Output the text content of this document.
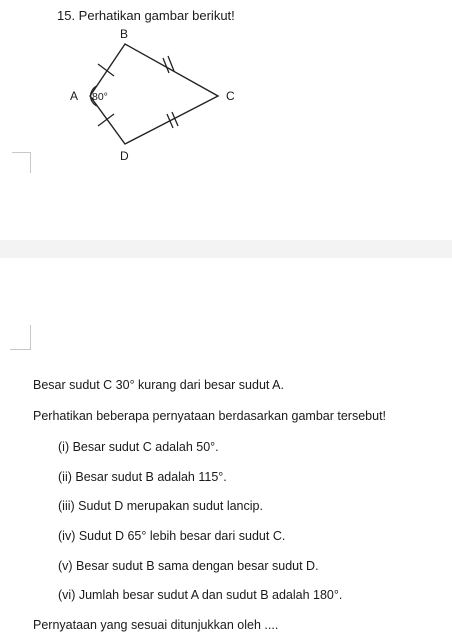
15. Perhatikan gambar berikut!
A
B
C
D
80°
Besar sudut C 30° kurang dari besar sudut A.
Perhatikan beberapa pernyataan berdasarkan gambar tersebut!
(i) Besar sudut C adalah 50°.
(ii) Besar sudut B adalah 115°.
(iii) Sudut D merupakan sudut lancip.
(iv) Sudut D 65° lebih besar dari sudut C.
(v) Besar sudut B sama dengan besar sudut D.
(vi) Jumlah besar sudut A dan sudut B adalah 180°.
Pernyataan yang sesuai ditunjukkan oleh ....
